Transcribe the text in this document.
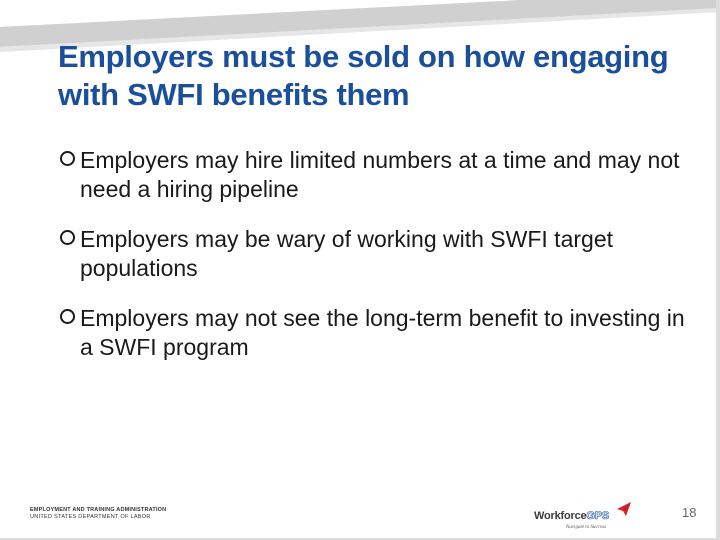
Employers must be sold on how engaging with SWFI benefits them
Employers may hire limited numbers at a time and may not need a hiring pipeline
Employers may be wary of working with SWFI target populations
Employers may not see the long-term benefit to investing in a SWFI program
EMPLOYMENT AND TRAINING ADMINISTRATION
UNITED STATES DEPARTMENT OF LABOR	WorkforceGPS
Navigate to Success
18
